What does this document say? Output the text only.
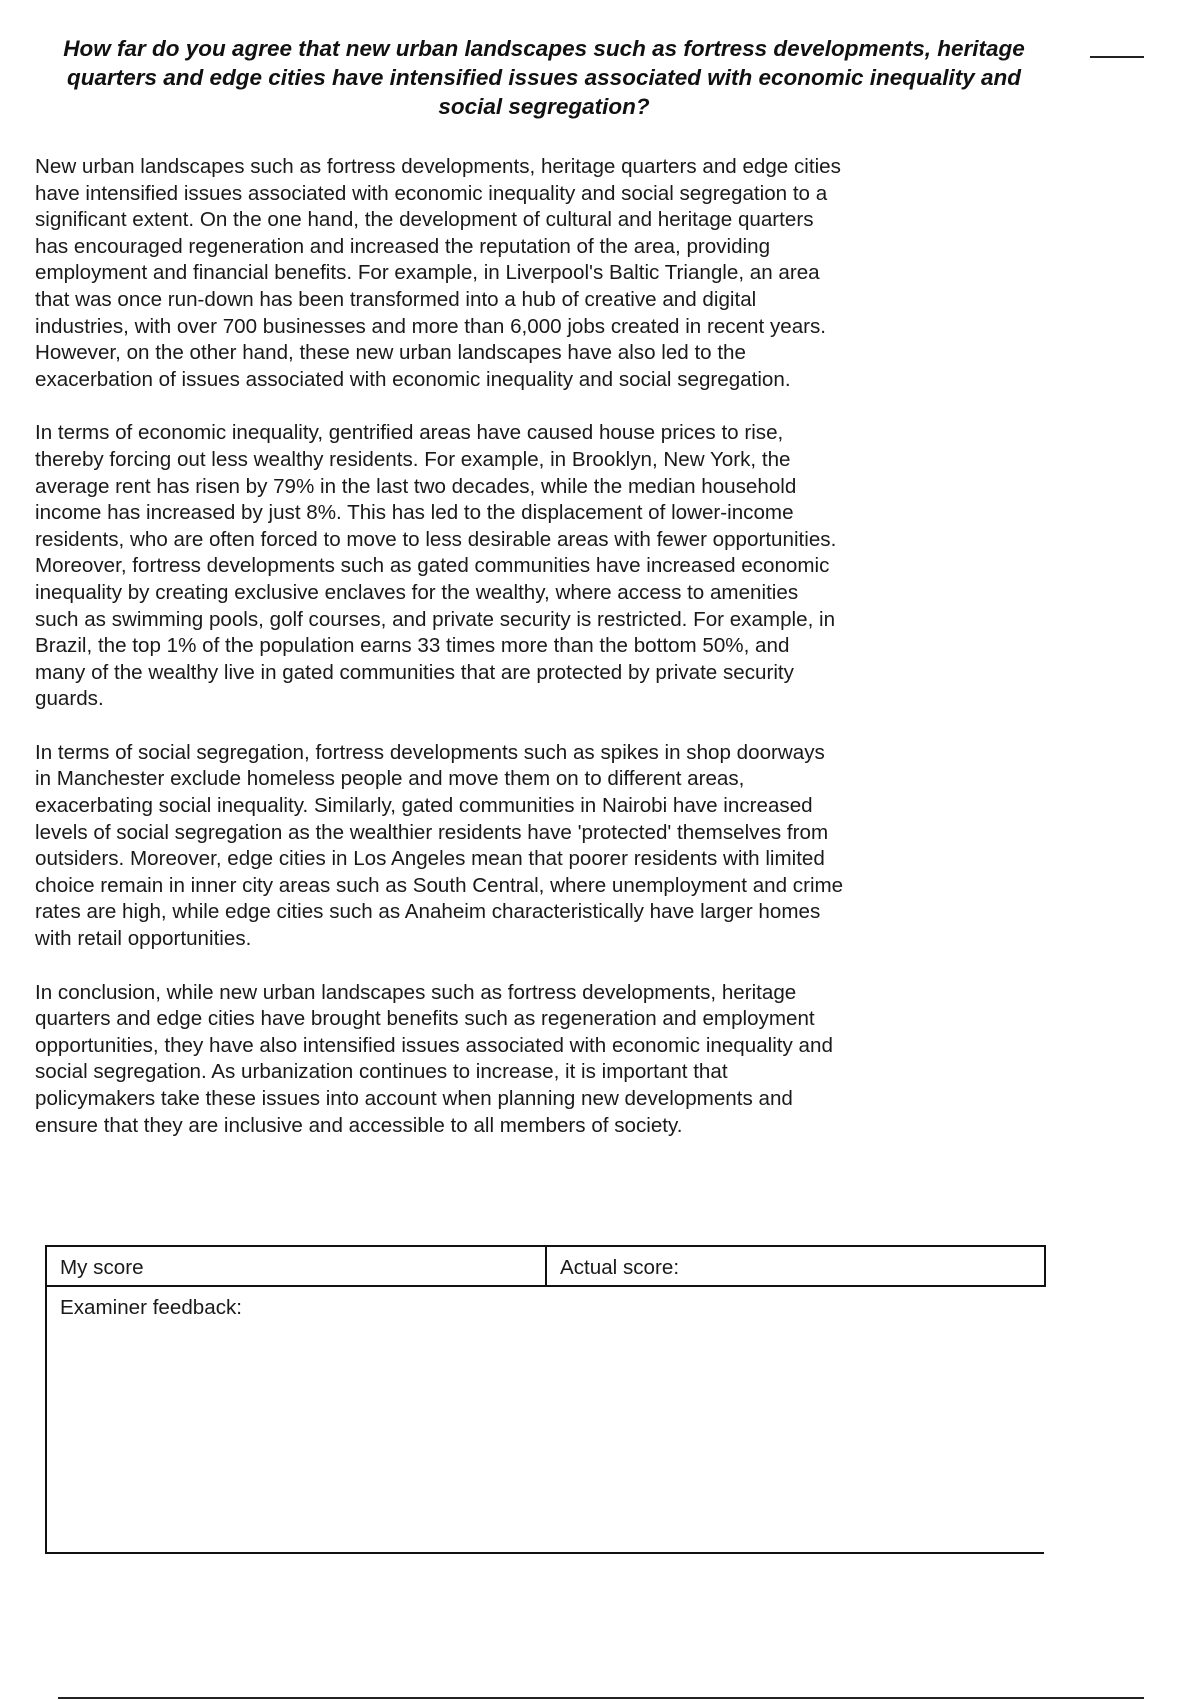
How far do you agree that new urban landscapes such as fortress developments, heritage quarters and edge cities have intensified issues associated with economic inequality and social segregation?

New urban landscapes such as fortress developments, heritage quarters and edge cities have intensified issues associated with economic inequality and social segregation to a significant extent. On the one hand, the development of cultural and heritage quarters has encouraged regeneration and increased the reputation of the area, providing employment and financial benefits. For example, in Liverpool's Baltic Triangle, an area that was once run-down has been transformed into a hub of creative and digital industries, with over 700 businesses and more than 6,000 jobs created in recent years. However, on the other hand, these new urban landscapes have also led to the exacerbation of issues associated with economic inequality and social segregation.

In terms of economic inequality, gentrified areas have caused house prices to rise, thereby forcing out less wealthy residents. For example, in Brooklyn, New York, the average rent has risen by 79% in the last two decades, while the median household income has increased by just 8%. This has led to the displacement of lower-income residents, who are often forced to move to less desirable areas with fewer opportunities. Moreover, fortress developments such as gated communities have increased economic inequality by creating exclusive enclaves for the wealthy, where access to amenities such as swimming pools, golf courses, and private security is restricted. For example, in Brazil, the top 1% of the population earns 33 times more than the bottom 50%, and many of the wealthy live in gated communities that are protected by private security guards.

In terms of social segregation, fortress developments such as spikes in shop doorways in Manchester exclude homeless people and move them on to different areas, exacerbating social inequality. Similarly, gated communities in Nairobi have increased levels of social segregation as the wealthier residents have 'protected' themselves from outsiders. Moreover, edge cities in Los Angeles mean that poorer residents with limited choice remain in inner city areas such as South Central, where unemployment and crime rates are high, while edge cities such as Anaheim characteristically have larger homes with retail opportunities.

In conclusion, while new urban landscapes such as fortress developments, heritage quarters and edge cities have brought benefits such as regeneration and employment opportunities, they have also intensified issues associated with economic inequality and social segregation. As urbanization continues to increase, it is important that policymakers take these issues into account when planning new developments and ensure that they are inclusive and accessible to all members of society.

My score	Actual score:
Examiner feedback:
